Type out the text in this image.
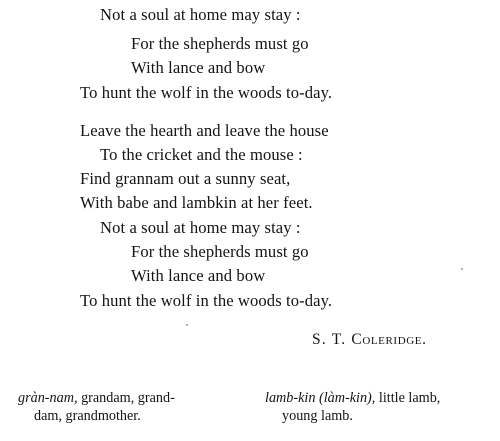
Not a soul at home may stay :
For the shepherds must go
With lance and bow
To hunt the wolf in the woods to-day.
Leave the hearth and leave the house
To the cricket and the mouse :
Find grannam out a sunny seat,
With babe and lambkin at her feet.
Not a soul at home may stay :
For the shepherds must go
With lance and bow
To hunt the wolf in the woods to-day.
S. T. Coleridge.
gràn-nam, grandam, grand-
dam, grandmother.
lamb-kin (làm-kin), little lamb,
young lamb.
